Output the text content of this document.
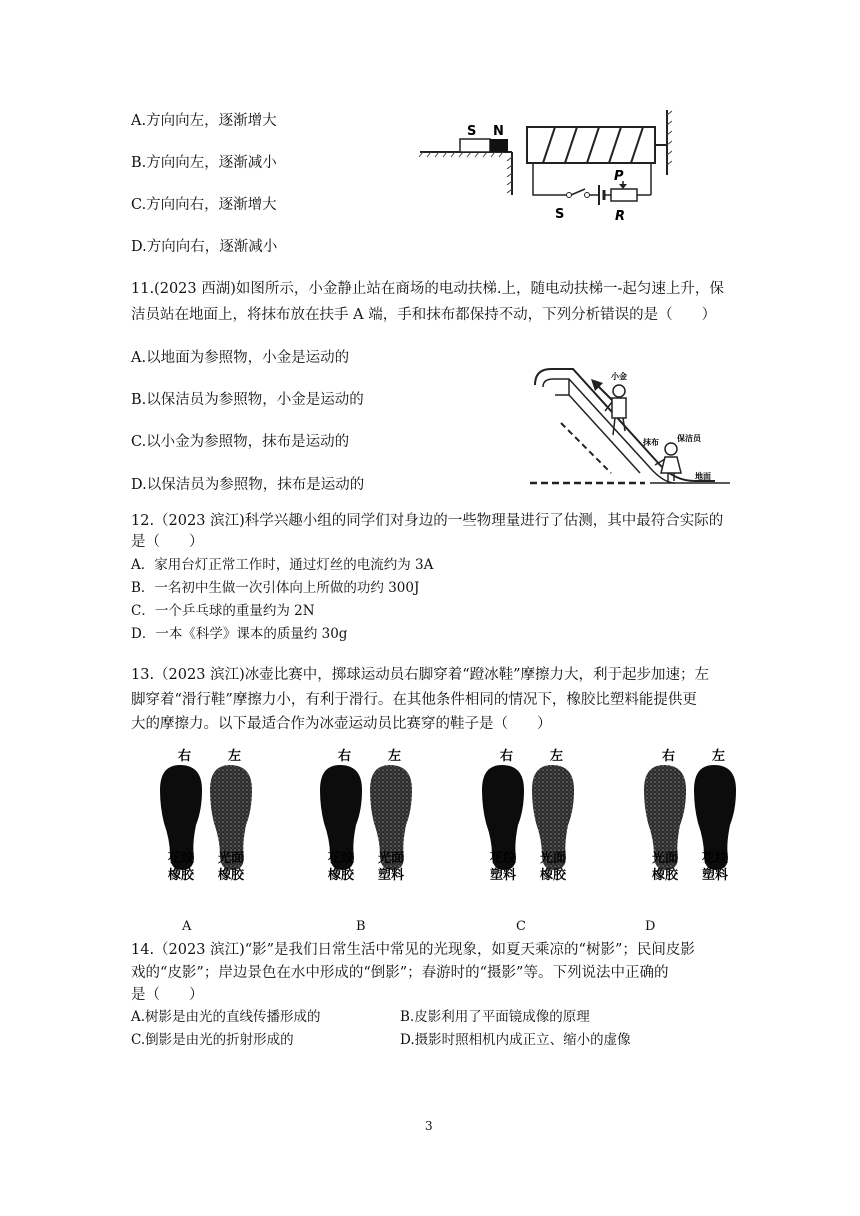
A.方向向左，逐渐增大
B.方向向左，逐渐减小
C.方向向右，逐渐增大
D.方向向右，逐渐减小
S N
P
S	R
11.(2023 西湖)如图所示，小金静止站在商场的电动扶梯.上，随电动扶梯一-起匀速上升，保
洁员站在地面上，将抹布放在扶手 A 端，手和抹布都保持不动，下列分析错误的是（　　）
A.以地面为参照物，小金是运动的
B.以保洁员为参照物，小金是运动的
C.以小金为参照物，抹布是运动的
D.以保洁员为参照物，抹布是运动的
小金
抹布 保洁员
地面
12.（2023 滨江)科学兴趣小组的同学们对身边的一些物理量进行了估测，其中最符合实际的
是（　　）
A．家用台灯正常工作时，通过灯丝的电流约为 3A
B．一名初中生做一次引体向上所做的功约 300J
C．一个乒乓球的重量约为 2N
D．一本《科学》课本的质量约 30g
13.（2023 滨江)冰壶比赛中，掷球运动员右脚穿着“蹬冰鞋”摩擦力大，利于起步加速；左
脚穿着“滑行鞋”摩擦力小，有利于滑行。在其他条件相同的情况下，橡胶比塑料能提供更
大的摩擦力。以下最适合作为冰壶运动员比赛穿的鞋子是（　　）
右	左
花纹
橡胶
光面
橡胶
右	左
花纹
橡胶
光面
塑料
右	左
花纹
塑料
光面
橡胶
右	左
光面
橡胶
花纹
塑料
A	B	C	D
14.（2023 滨江)“影”是我们日常生活中常见的光现象，如夏天乘凉的“树影”；民间皮影
戏的“皮影”；岸边景色在水中形成的“倒影”；春游时的“摄影”等。下列说法中正确的
是（　　）
A.树影是由光的直线传播形成的	B.皮影利用了平面镜成像的原理
C.倒影是由光的折射形成的	D.摄影时照相机内成正立、缩小的虚像
3
